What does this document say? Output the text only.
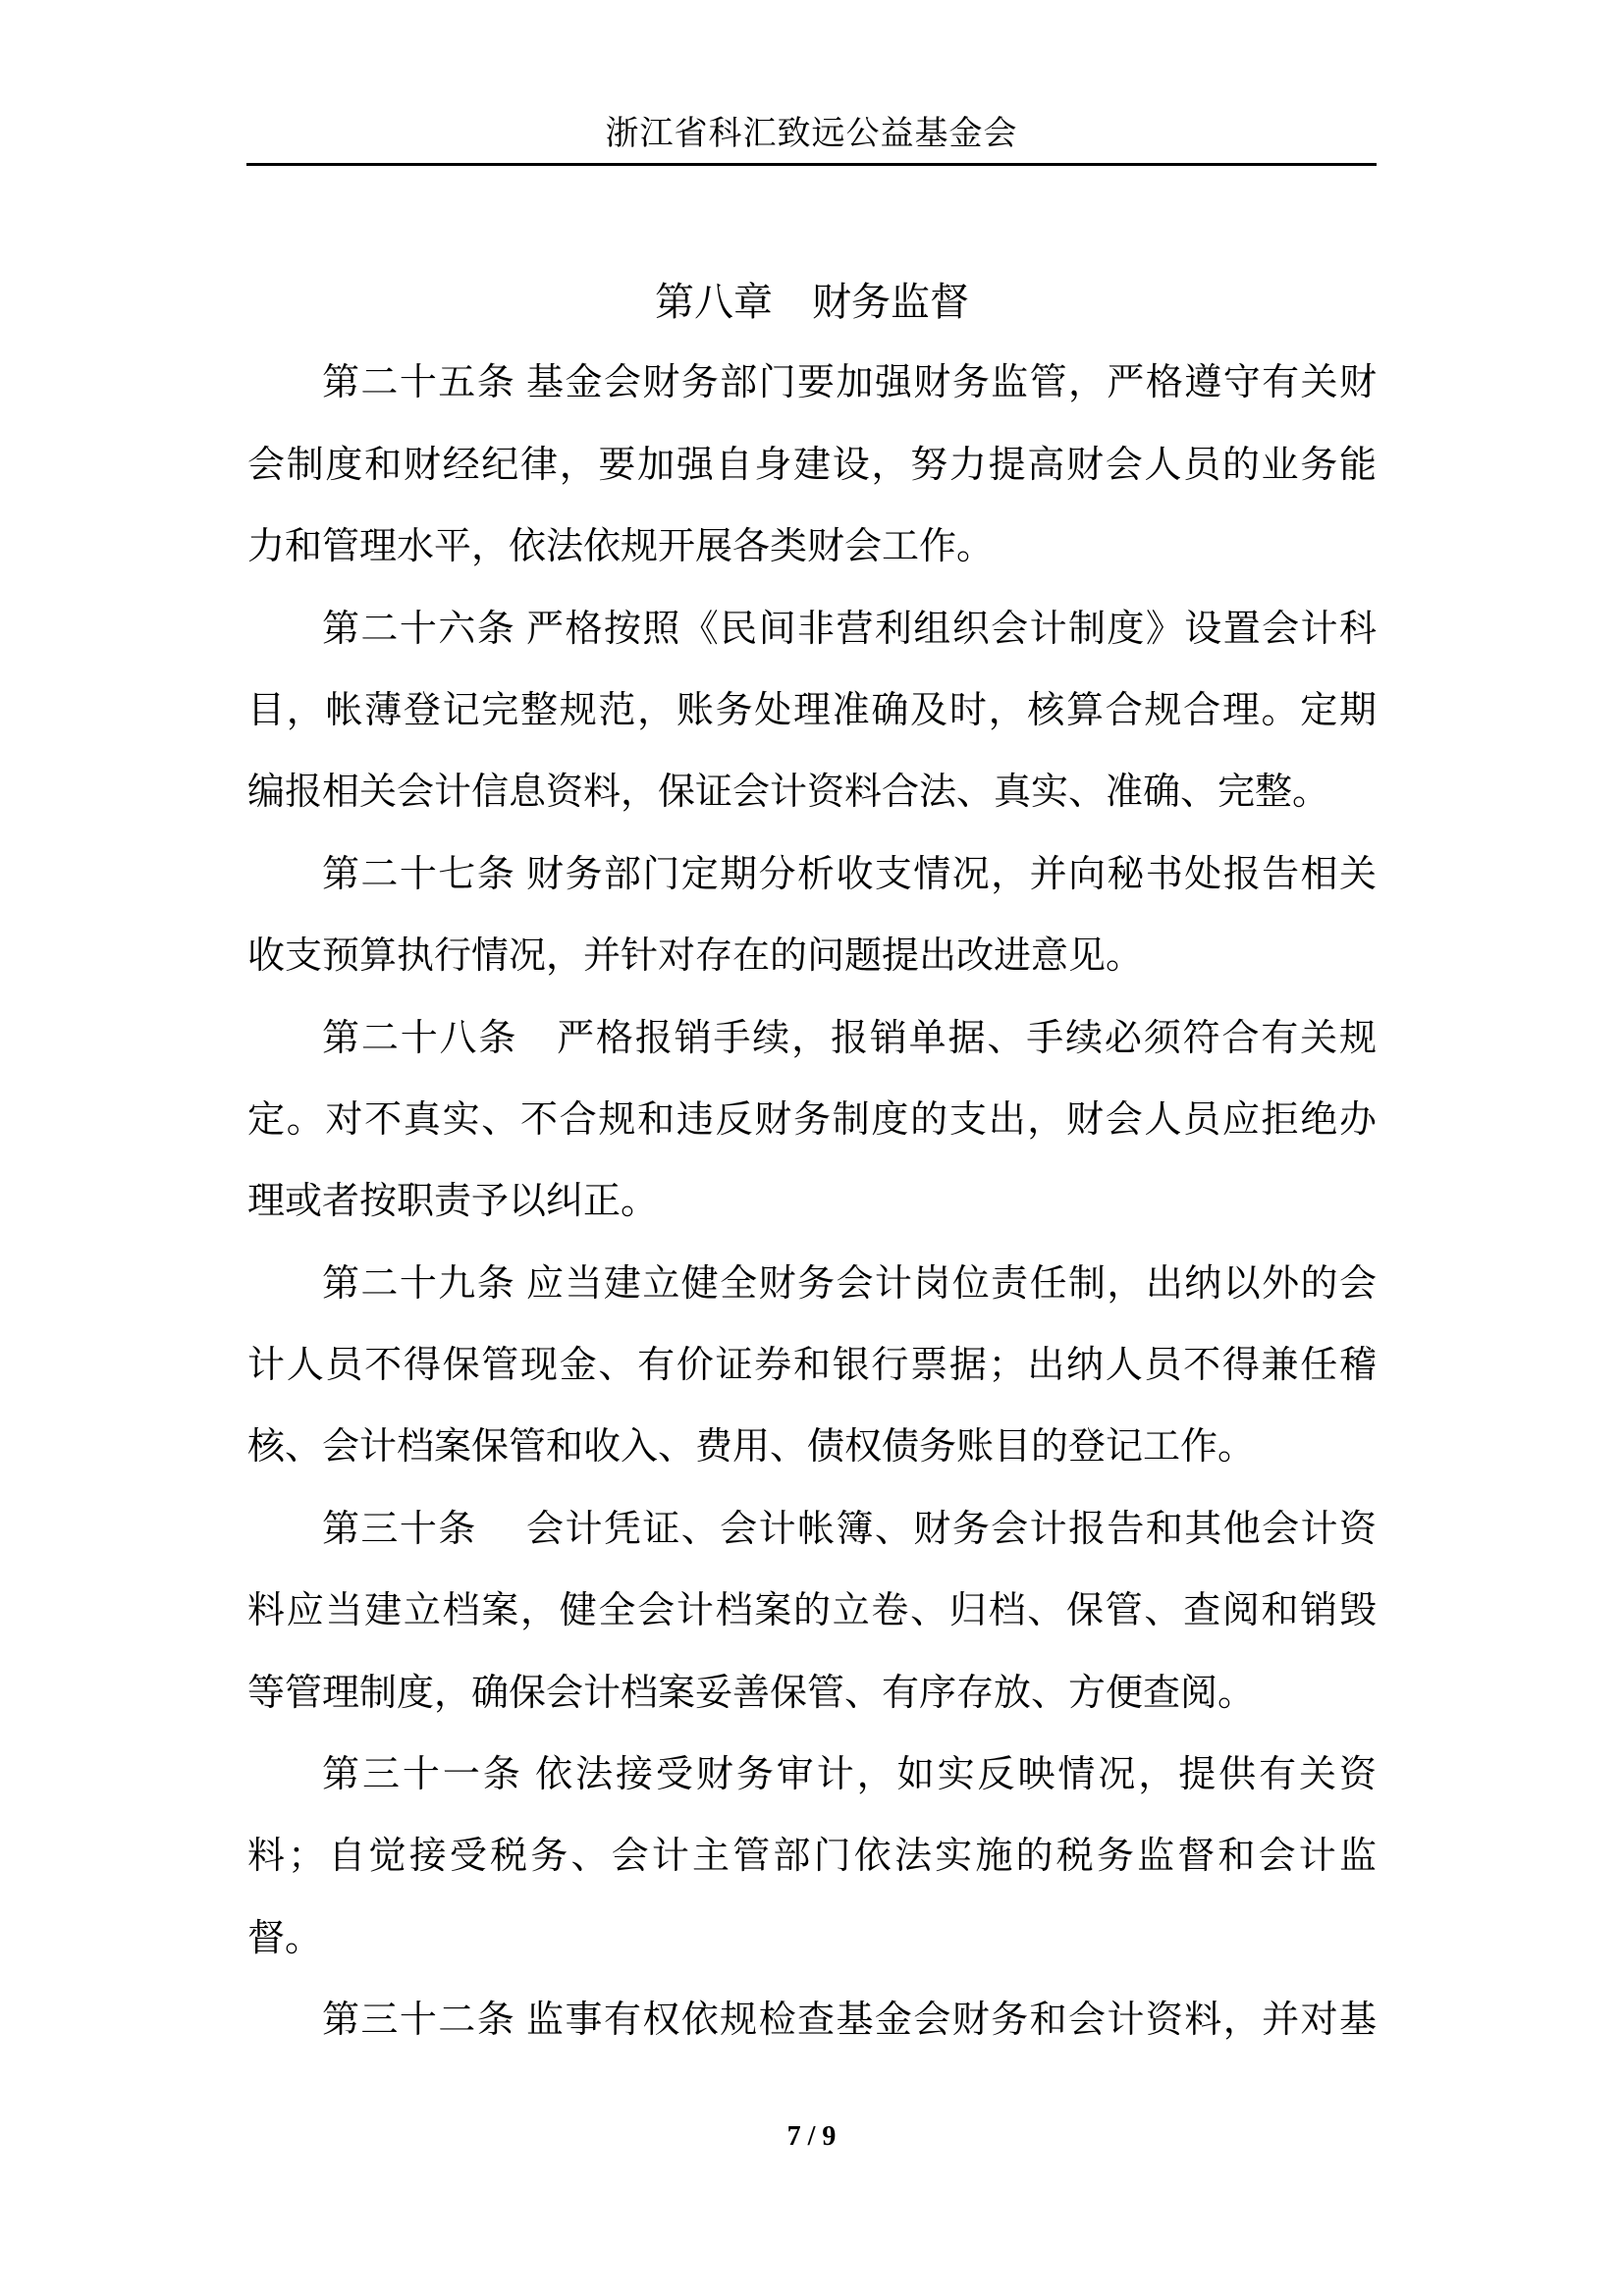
浙江省科汇致远公益基金会
第八章　财务监督
第二十五条 基金会财务部门要加强财务监管，严格遵守有关财
会制度和财经纪律，要加强自身建设，努力提高财会人员的业务能
力和管理水平，依法依规开展各类财会工作。
第二十六条 严格按照《民间非营利组织会计制度》设置会计科
目，帐薄登记完整规范，账务处理准确及时，核算合规合理。定期
编报相关会计信息资料，保证会计资料合法、真实、准确、完整。
第二十七条 财务部门定期分析收支情况，并向秘书处报告相关
收支预算执行情况，并针对存在的问题提出改进意见。
第二十八条　严格报销手续，报销单据、手续必须符合有关规
定。对不真实、不合规和违反财务制度的支出，财会人员应拒绝办
理或者按职责予以纠正。
第二十九条 应当建立健全财务会计岗位责任制，出纳以外的会
计人员不得保管现金、有价证券和银行票据；出纳人员不得兼任稽
核、会计档案保管和收入、费用、债权债务账目的登记工作。
第三十条　 会计凭证、会计帐簿、财务会计报告和其他会计资
料应当建立档案，健全会计档案的立卷、归档、保管、查阅和销毁
等管理制度，确保会计档案妥善保管、有序存放、方便查阅。
第三十一条 依法接受财务审计，如实反映情况，提供有关资
料；自觉接受税务、会计主管部门依法实施的税务监督和会计监
督。
第三十二条 监事有权依规检查基金会财务和会计资料，并对基
7 / 9
